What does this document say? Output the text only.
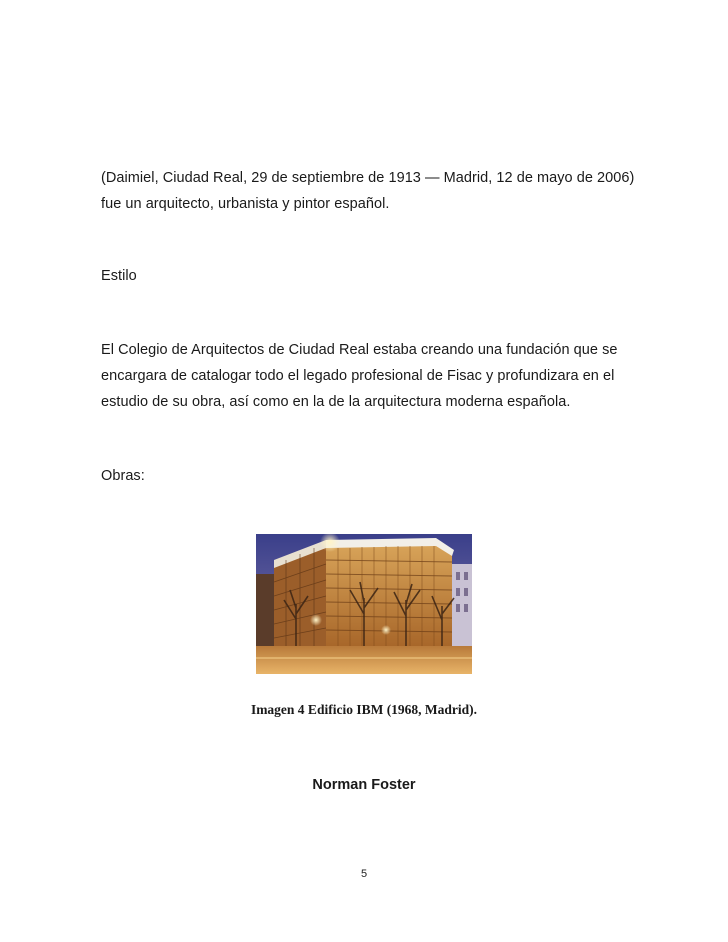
(Daimiel, Ciudad Real, 29 de septiembre de 1913 — Madrid, 12 de mayo de 2006)
fue un arquitecto, urbanista y pintor español.
Estilo
El Colegio de Arquitectos de Ciudad Real estaba creando una fundación que se
encargara de catalogar todo el legado profesional de Fisac y profundizara en el
estudio de su obra, así como en la de la arquitectura moderna española.
Obras:
Imagen 4 Edificio IBM (1968, Madrid).
Norman Foster
5
